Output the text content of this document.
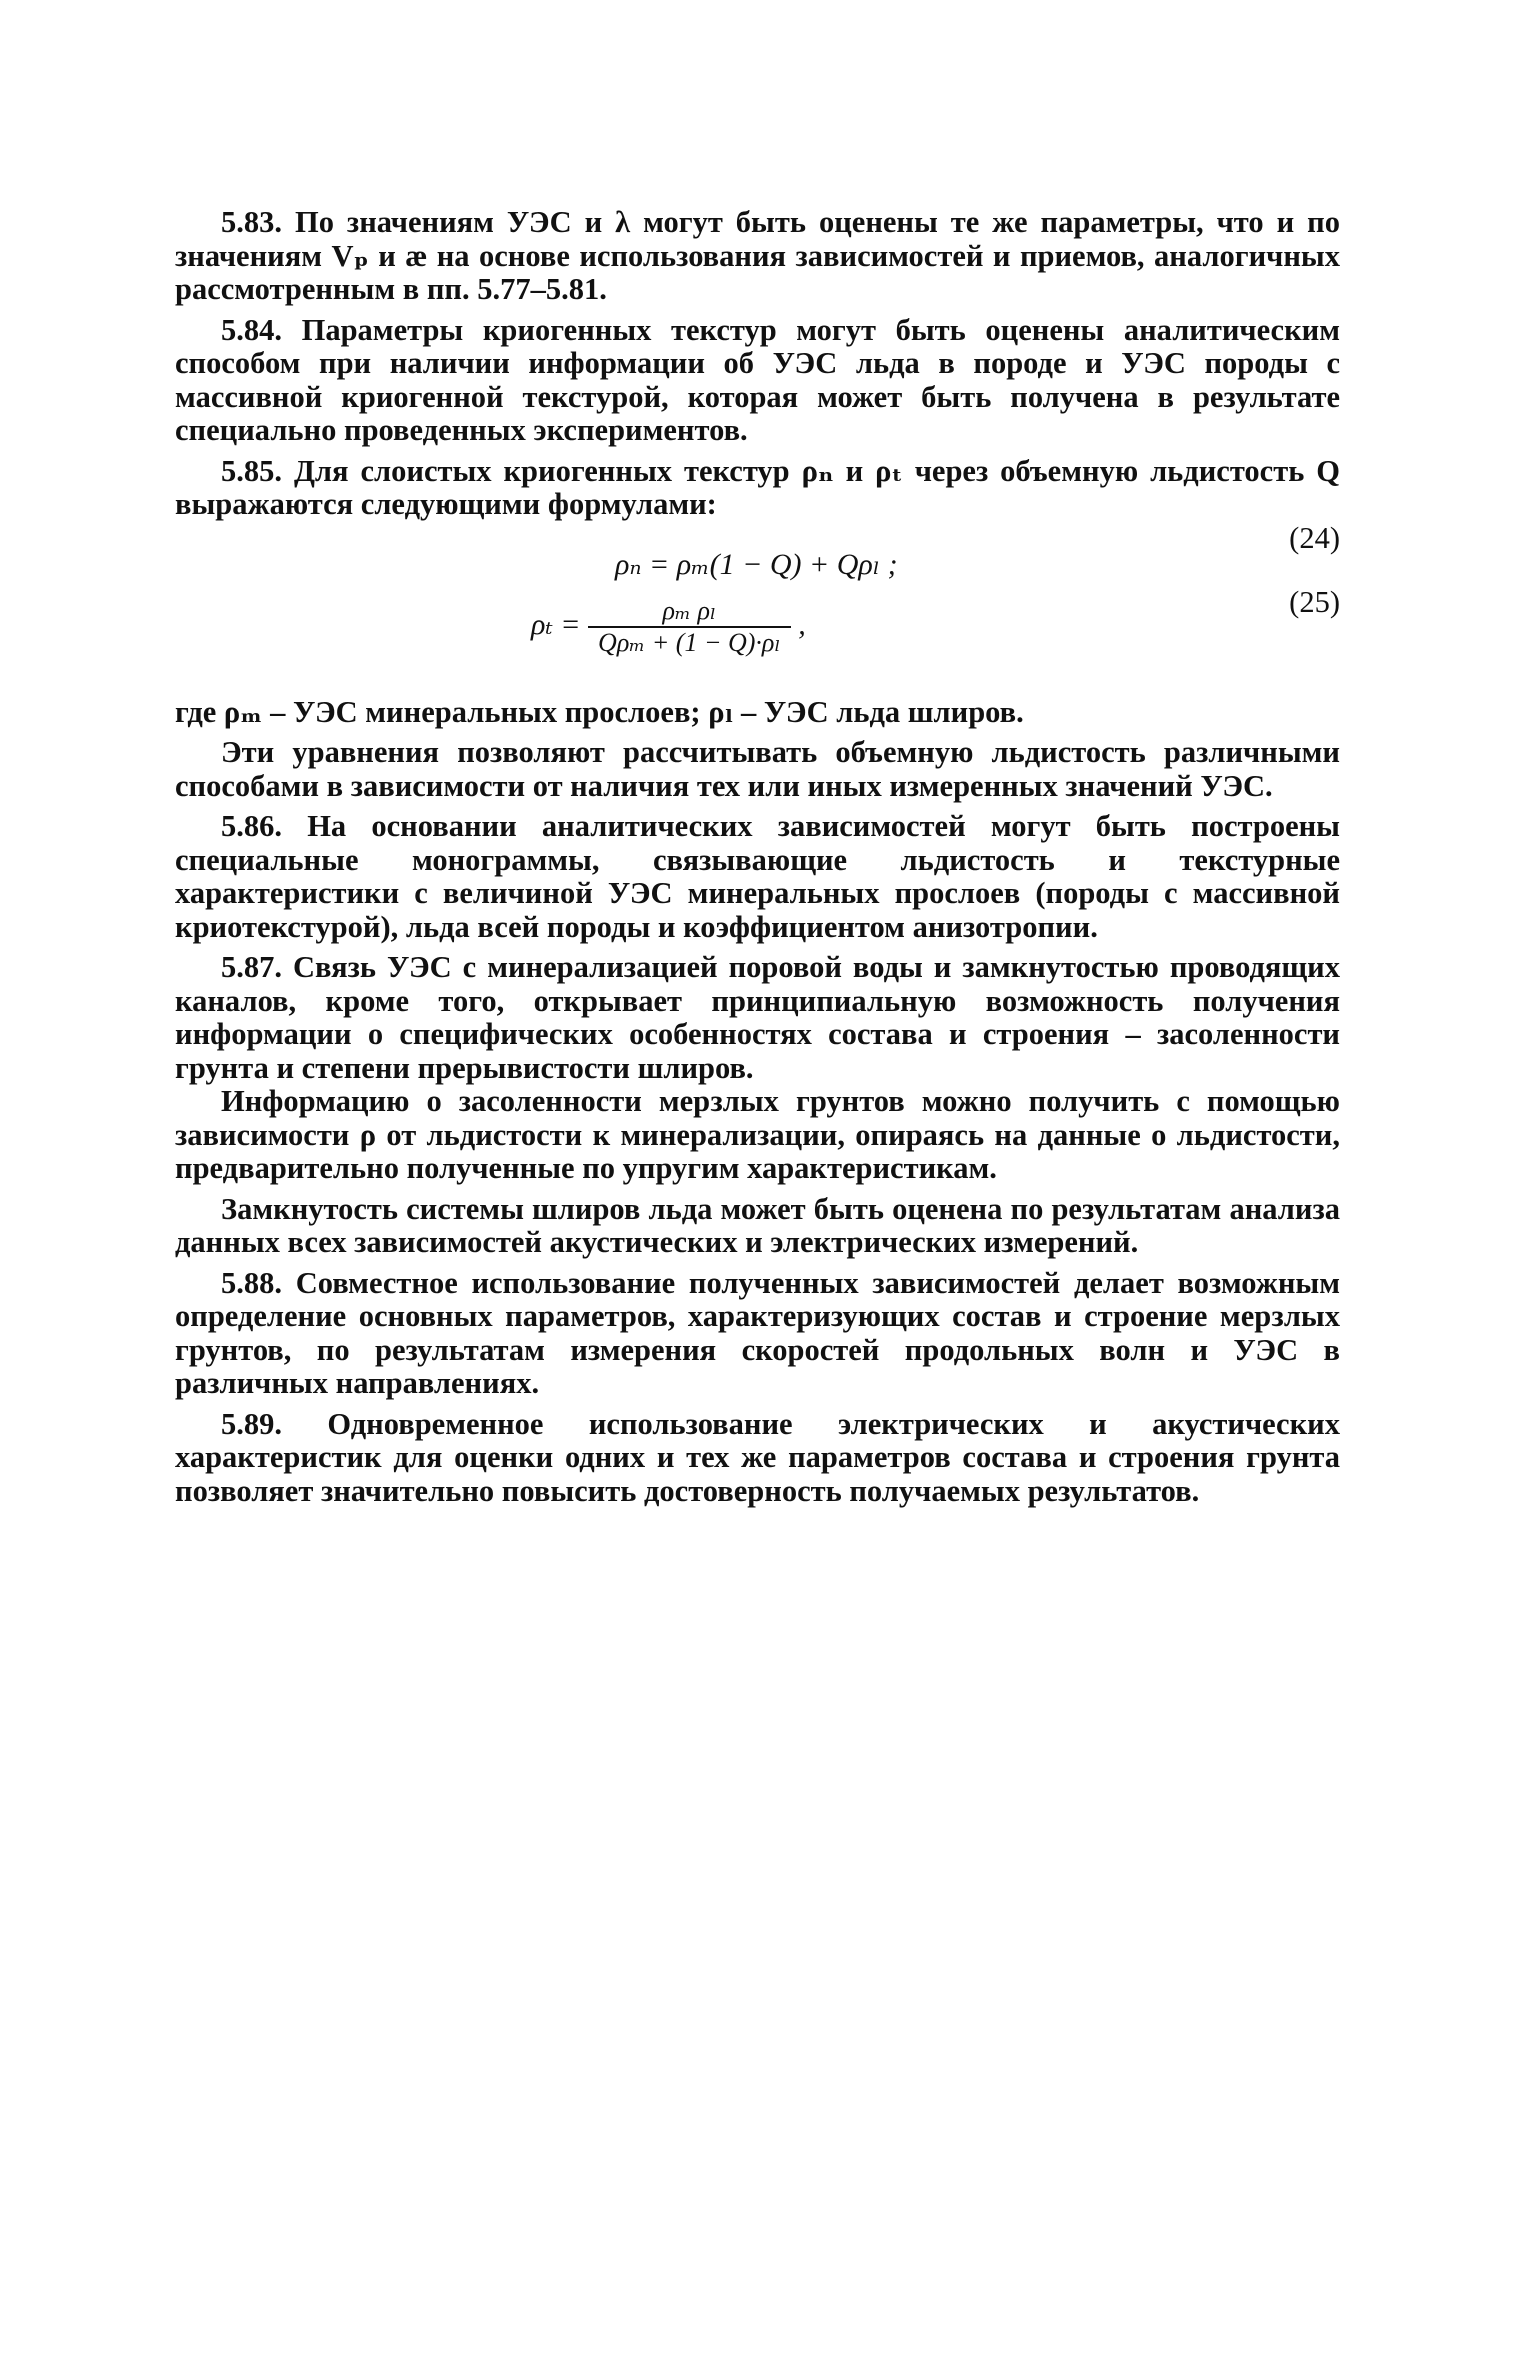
5.83. По значениям УЭС и λ могут быть оценены те же параметры, что и по значениям Vₚ и æ на основе использования зависимостей и приемов, аналогичных рассмотренным в пп. 5.77–5.81.

5.84. Параметры криогенных текстур могут быть оценены аналитическим способом при наличии информации об УЭС льда в породе и УЭС породы с массивной криогенной текстурой, которая может быть получена в результате специально проведенных экспериментов.

5.85. Для слоистых криогенных текстур ρₙ и ρₜ через объемную льдистость Q выражаются следующими формулами:

(24)
ρₙ = ρₘ(1 − Q) + Qρₗ ;
(25)
$\rho_t = \frac{\text{ρₘ ρₗ}}{\text{Qρₘ + (1 − Q)·ρₗ}}$ ,

где ρₘ – УЭС минеральных прослоев; ρₗ – УЭС льда шлиров.

Эти уравнения позволяют рассчитывать объемную льдистость различными способами в зависимости от наличия тех или иных измеренных значений УЭС.

5.86. На основании аналитических зависимостей могут быть построены специальные монограммы, связывающие льдистость и текстурные характеристики с величиной УЭС минеральных прослоев (породы с массивной криотекстурой), льда всей породы и коэффициентом анизотропии.

5.87. Связь УЭС с минерализацией поровой воды и замкнутостью проводящих каналов, кроме того, открывает принципиальную возможность получения информации о специфических особенностях состава и строения – засоленности грунта и степени прерывистости шлиров.

Информацию о засоленности мерзлых грунтов можно получить с помощью зависимости ρ от льдистости к минерализации, опираясь на данные о льдистости, предварительно полученные по упругим характеристикам.

Замкнутость системы шлиров льда может быть оценена по результатам анализа данных всех зависимостей акустических и электрических измерений.

5.88. Совместное использование полученных зависимостей делает возможным определение основных параметров, характеризующих состав и строение мерзлых грунтов, по результатам измерения скоростей продольных волн и УЭС в различных направлениях.

5.89. Одновременное использование электрических и акустических характеристик для оценки одних и тех же параметров состава и строения грунта позволяет значительно повысить достоверность получаемых результатов.
